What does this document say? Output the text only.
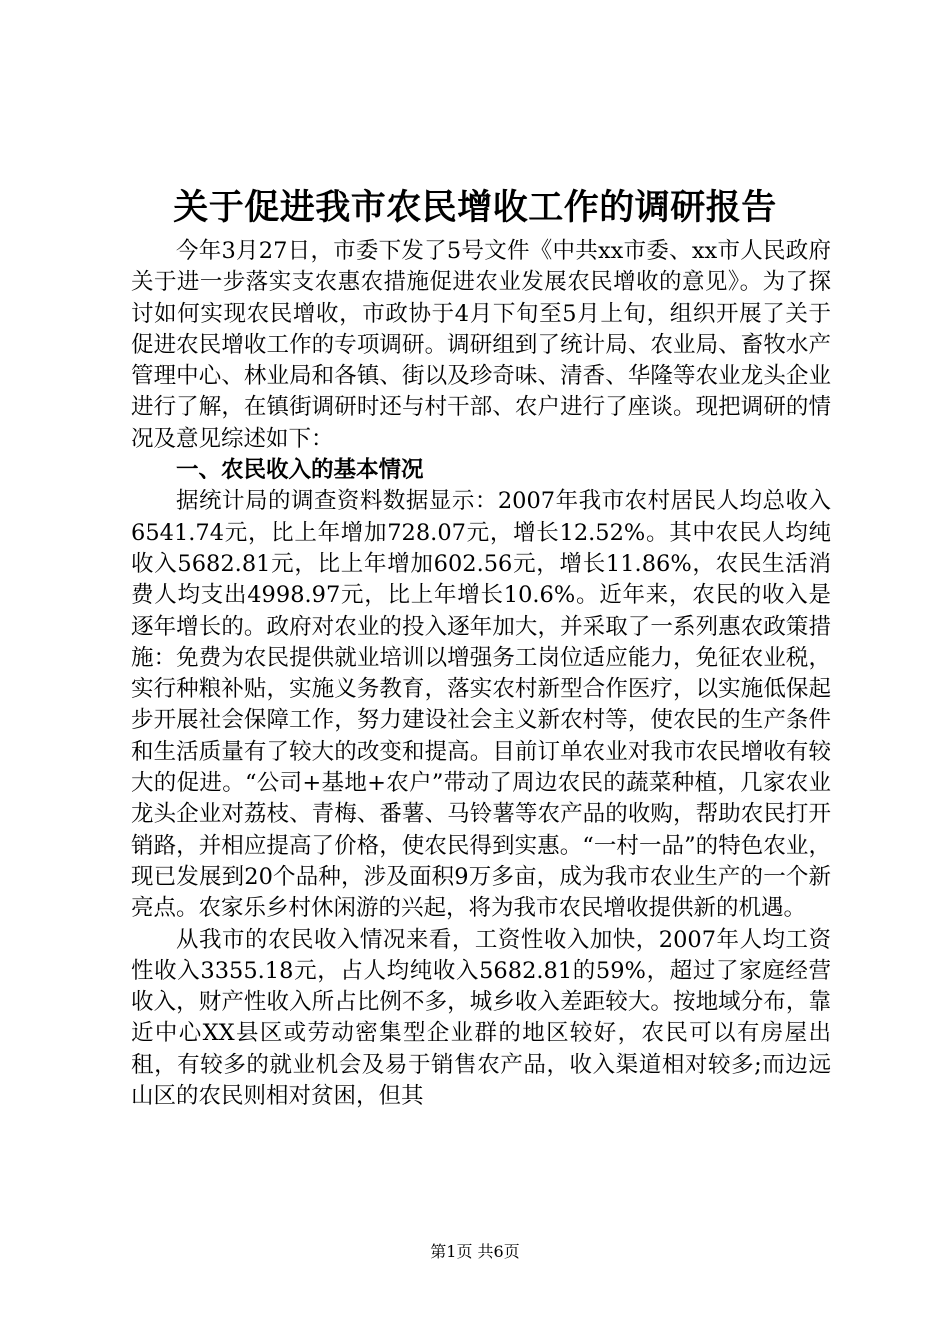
关于促进我市农民增收工作的调研报告

今年3月27日，市委下发了5号文件《中共xx市委、xx市人民政府关于进一步落实支农惠农措施促进农业发展农民增收的意见》。为了探讨如何实现农民增收，市政协于4月下旬至5月上旬，组织开展了关于促进农民增收工作的专项调研。调研组到了统计局、农业局、畜牧水产管理中心、林业局和各镇、街以及珍奇味、清香、华隆等农业龙头企业进行了解，在镇街调研时还与村干部、农户进行了座谈。现把调研的情况及意见综述如下：

一、农民收入的基本情况

据统计局的调查资料数据显示：2007年我市农村居民人均总收入6541.74元，比上年增加728.07元，增长12.52%。其中农民人均纯收入5682.81元，比上年增加602.56元，增长11.86%，农民生活消费人均支出4998.97元，比上年增长10.6%。近年来，农民的收入是逐年增长的。政府对农业的投入逐年加大，并采取了一系列惠农政策措施：免费为农民提供就业培训以增强务工岗位适应能力，免征农业税，实行种粮补贴，实施义务教育，落实农村新型合作医疗，以实施低保起步开展社会保障工作，努力建设社会主义新农村等，使农民的生产条件和生活质量有了较大的改变和提高。目前订单农业对我市农民增收有较大的促进。“公司+基地+农户”带动了周边农民的蔬菜种植，几家农业龙头企业对荔枝、青梅、番薯、马铃薯等农产品的收购，帮助农民打开销路，并相应提高了价格，使农民得到实惠。“一村一品”的特色农业，现已发展到20个品种，涉及面积9万多亩，成为我市农业生产的一个新亮点。农家乐乡村休闲游的兴起，将为我市农民增收提供新的机遇。

从我市的农民收入情况来看，工资性收入加快，2007年人均工资性收入3355.18元，占人均纯收入5682.81的59%，超过了家庭经营收入，财产性收入所占比例不多，城乡收入差距较大。按地域分布，靠近中心XX县区或劳动密集型企业群的地区较好，农民可以有房屋出租，有较多的就业机会及易于销售农产品，收入渠道相对较多;而边远山区的农民则相对贫困，但其

第1页 共6页
